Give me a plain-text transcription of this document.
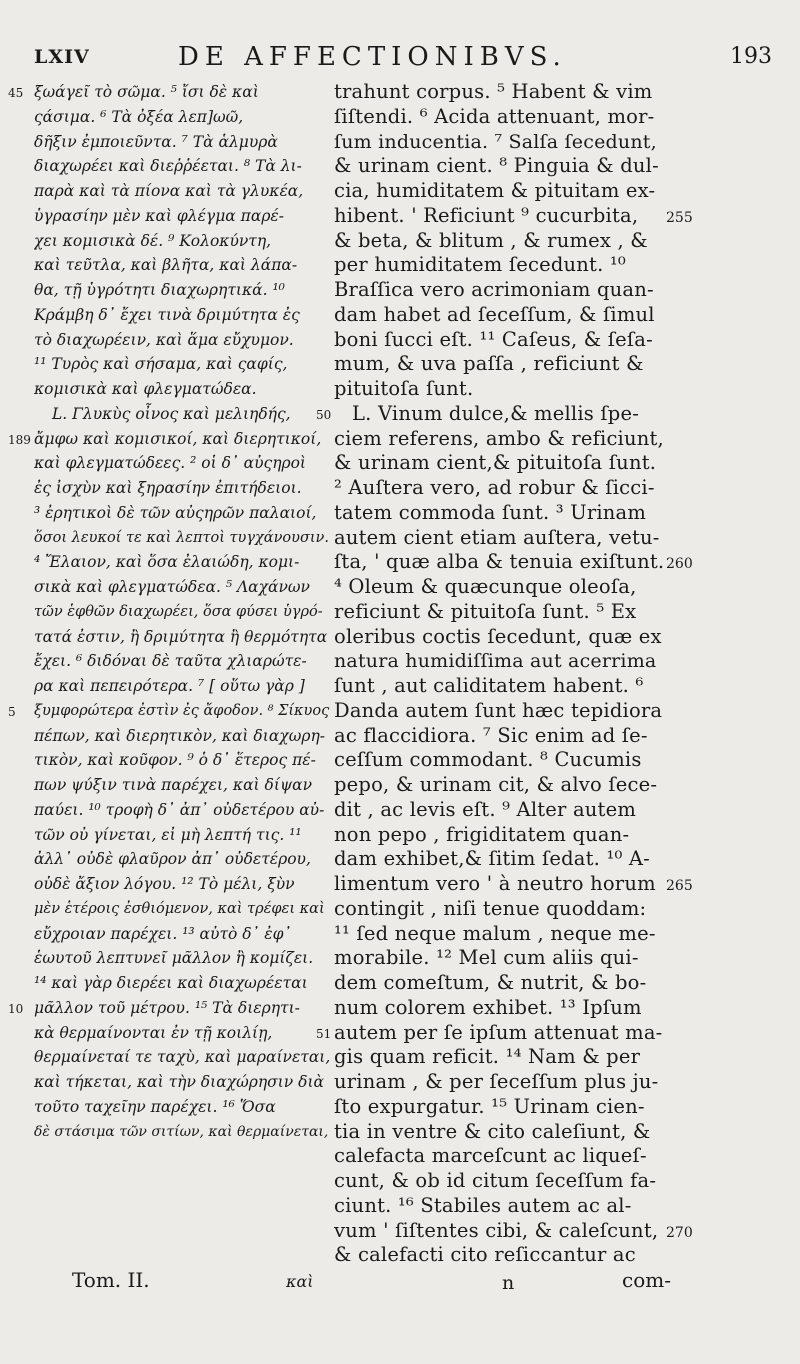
LXIV	DE AFFECTIONIBVS.	193
ξωάγεῖ τὸ σῶμα. ⁵ ἴσι δὲ καὶ
ςάσιμα. ⁶ Τὰ ὀξέα λεπ]ωῶ,
δῆξιν ἐμποιεῦντα. ⁷ Τὰ ἁλμυρὰ
διαχωρέει καὶ διεῤῥέεται. ⁸ Τὰ λι-
παρὰ καὶ τὰ πίονα καὶ τὰ γλυκέα,
ὑγρασίην μὲν καὶ φλέγμα παρέ-
χει κομισικὰ δέ. ⁹ Κολοκύντη,
καὶ τεῦτλα, καὶ βλῆτα, καὶ λάπα-
θα, τῇ ὑγρότητι διαχωρητικά. ¹⁰
Κράμβη δ᾽ ἔχει τινὰ δριμύτητα ἐς
τὸ διαχωρέειν, καὶ ἅμα εὔχυμον.
¹¹ Τυρὸς καὶ σήσαμα, καὶ ςαφίς,
κομισικὰ καὶ φλεγματώδεα.
L. Γλυκὺς οἶνος καὶ μελιηδής,
ἄμφω καὶ κομισικοί, καὶ διερητικοί,
καὶ φλεγματώδεες. ² οἱ δ᾽ αὐςηροὶ
ἐς ἰσχὺν καὶ ξηρασίην ἐπιτήδειοι.
³ ἐρητικοὶ δὲ τῶν αὐςηρῶν παλαιοί,
ὅσοι λευκοί τε καὶ λεπτοὶ τυγχάνουσιν.
⁴ Ἔλαιον, καὶ ὅσα ἐλαιώδη, κομι-
σικὰ καὶ φλεγματώδεα. ⁵ Λαχάνων
τῶν ἑφθῶν διαχωρέει, ὅσα φύσει ὑγρό-
τατά ἐστιν, ἢ δριμύτητα ἢ θερμότητα
ἔχει. ⁶ διδόναι δὲ ταῦτα χλιαρώτε-
ρα καὶ πεπειρότερα. ⁷ [ οὕτω γὰρ ]
ξυμφορώτερα ἐστὶν ἐς ἄφοδον. ⁸ Σίκυος
πέπων, καὶ διερητικὸν, καὶ διαχωρη-
τικὸν, καὶ κοῦφον. ⁹ ὁ δ᾽ ἕτερος πέ-
πων ψύξιν τινὰ παρέχει, καὶ δίψαν
παύει. ¹⁰ τροφὴ δ᾽ ἀπ᾽ οὐδετέρου αὐ-
τῶν οὐ γίνεται, εἰ μὴ λεπτή τις. ¹¹
ἀλλ᾽ οὐδὲ φλαῦρον ἀπ᾽ οὐδετέρου,
οὐδὲ ἄξιον λόγου. ¹² Τὸ μέλι, ξὺν
μὲν ἑτέροις ἐσθιόμενον, καὶ τρέφει καὶ
εὔχροιαν παρέχει. ¹³ αὐτὸ δ᾽ ἐφ᾽
ἑωυτοῦ λεπτυνεῖ μᾶλλον ἢ κομίζει.
¹⁴ καὶ γὰρ διερέει καὶ διαχωρέεται
μᾶλλον τοῦ μέτρου. ¹⁵ Τὰ διερητι-
κὰ θερμαίνονται ἐν τῇ κοιλίῃ,
θερμαίνεταί τε ταχὺ, καὶ μαραίνεται,
καὶ τήκεται, καὶ τὴν διαχώρησιν διὰ
τοῦτο ταχεῖην παρέχει. ¹⁶ Ὅσα
δὲ στάσιμα τῶν σιτίων, καὶ θερμαίνεται,
trahunt corpus. ⁵ Habent & vim
ſiſtendi. ⁶ Acida attenuant, mor-
ſum inducentia. ⁷ Salſa ſecedunt,
& urinam cient. ⁸ Pinguia & dul-
cia, humiditatem & pituitam ex-
hibent. ' Reficiunt ⁹ cucurbita,
& beta, & blitum , & rumex , &
per humiditatem ſecedunt. ¹⁰
Braſſica vero acrimoniam quan-
dam habet ad ſeceſſum, & ſimul
boni ſucci eſt. ¹¹ Caſeus, & ſeſa-
mum, & uva paſſa , reficiunt &
pituitoſa ſunt.
L. Vinum dulce,& mellis ſpe-
ciem referens, ambo & reficiunt,
& urinam cient,& pituitoſa ſunt.
² Auſtera vero, ad robur & ſicci-
tatem commoda ſunt. ³ Urinam
autem cient etiam auſtera, vetu-
ſta, ' quæ alba & tenuia exiſtunt.
⁴ Oleum & quæcunque oleoſa,
reficiunt & pituitoſa ſunt. ⁵ Ex
oleribus coctis ſecedunt, quæ ex
natura humidiſſima aut acerrima
ſunt , aut caliditatem habent. ⁶
Danda autem ſunt hæc tepidiora
ac flaccidiora. ⁷ Sic enim ad ſe-
ceſſum commodant. ⁸ Cucumis
pepo, & urinam cit, & alvo ſece-
dit , ac levis eſt. ⁹ Alter autem
non pepo , frigiditatem quan-
dam exhibet,& ſitim ſedat. ¹⁰ A-
limentum vero ' à neutro horum
contingit , niſi tenue quoddam:
¹¹ ſed neque malum , neque me-
morabile. ¹² Mel cum aliis qui-
dem comeſtum, & nutrit, & bo-
num colorem exhibet. ¹³ Ipſum
autem per ſe ipſum attenuat ma-
gis quam reficit. ¹⁴ Nam & per
urinam , & per ſeceſſum plus ju-
ſto expurgatur. ¹⁵ Urinam cien-
tia in ventre & cito caleſiunt, &
calefacta marceſcunt ac liqueſ-
cunt, & ob id citum ſeceſſum fa-
ciunt. ¹⁶ Stabiles autem ac al-
vum ' ſiſtentes cibi, & caleſcunt,
& calefacti cito reſiccantur ac
Tom. II.	καὶ	n	com-
45
189
5
10
50
51
255
260
265
270
